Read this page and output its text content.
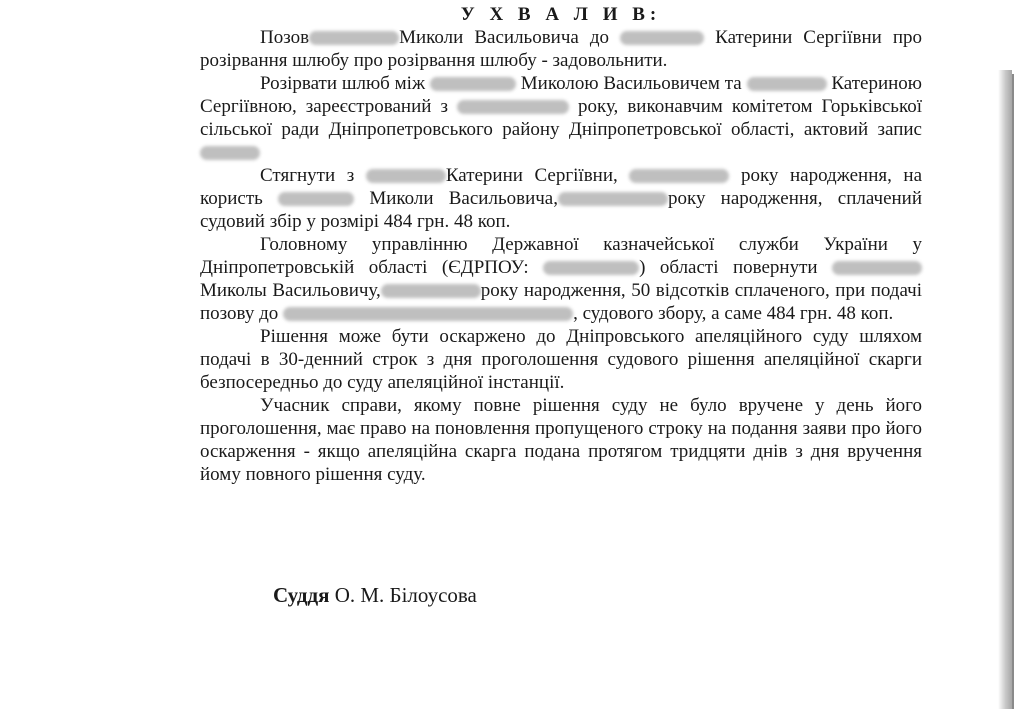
У Х В А Л И В:

Позов	Миколи Васильовича до	Катерини Сергіївни про розірвання шлюбу про розірвання шлюбу - задовольнити.

Розірвати шлюб між	Миколою Васильовичем та	Катериною Сергіївною, зареєстрований з	року, виконавчим комітетом Горьківської сільської ради Дніпропетровського району Дніпропетровської області, актовий запис

Стягнути з	Катерини Сергіївни,	року народження, на користь	Миколи Васильовича,	року народження, сплачений судовий збір у розмірі 484 грн. 48 коп.

Головному управлінню Державної казначейської служби України у Дніпропетровській області (ЄДРПОУ:	) області повернути  Миколы Васильовичу,	року народження, 50 відсотків сплаченого, при подачі позову до	, судового збору, а саме 484 грн. 48 коп.

Рішення може бути оскаржено до Дніпровського апеляційного суду шляхом подачі в 30-денний строк з дня проголошення судового рішення апеляційної скарги безпосередньо до суду апеляційної інстанції.

Учасник справи, якому повне рішення суду не було вручене у день його проголошення, має право на поновлення пропущеного строку на подання заяви про його оскарження - якщо апеляційна скарга подана протягом тридцяти днів з дня вручення йому повного рішення суду.

Суддя О. М. Білоусова
